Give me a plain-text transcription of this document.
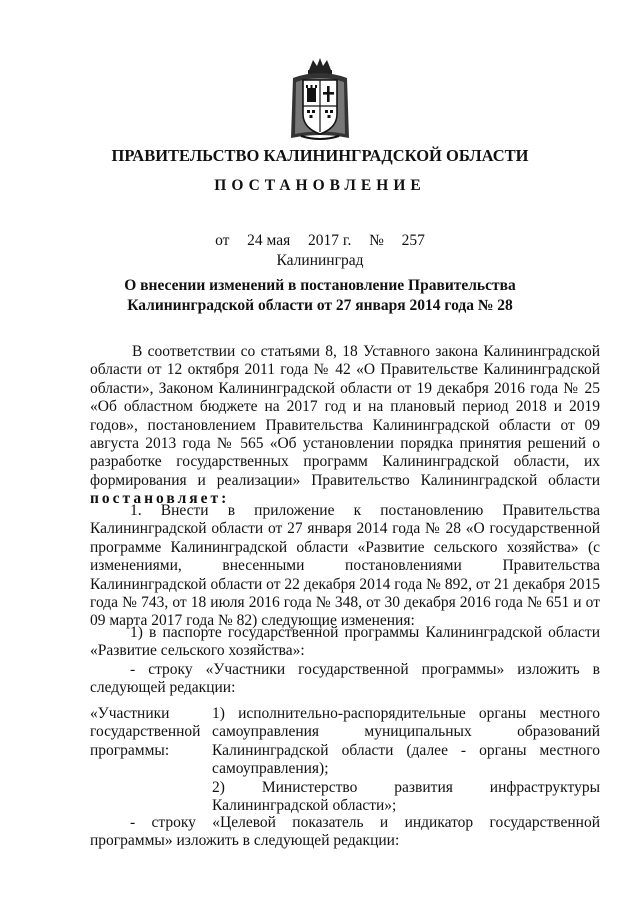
ПРАВИТЕЛЬСТВО КАЛИНИНГРАДСКОЙ ОБЛАСТИ
ПОСТАНОВЛЕНИЕ
от 24 мая 2017 г. № 257
Калининград
О внесении изменений в постановление Правительства
Калининградской области от 27 января 2014 года № 28
В соответствии со статьями 8, 18 Уставного закона Калининградской области от 12 октября 2011 года № 42 «О Правительстве Калининградской области», Законом Калининградской области от 19 декабря 2016 года № 25 «Об областном бюджете на 2017 год и на плановый период 2018 и 2019 годов», постановлением Правительства Калининградской области от 09 августа 2013 года № 565 «Об установлении порядка принятия решений о разработке государственных программ Калининградской области, их формирования и реализации» Правительство Калининградской области постановляет:
1. Внести в приложение к постановлению Правительства Калининградской области от 27 января 2014 года № 28 «О государственной программе Калининградской области «Развитие сельского хозяйства» (с изменениями, внесенными постановлениями Правительства Калининградской области от 22 декабря 2014 года № 892, от 21 декабря 2015 года № 743, от 18 июля 2016 года № 348, от 30 декабря 2016 года № 651 и от 09 марта 2017 года № 82) следующие изменения:
1) в паспорте государственной программы Калининградской области «Развитие сельского хозяйства»:
- строку «Участники государственной программы» изложить в следующей редакции:
«Участники государственной программы:
1) исполнительно-распорядительные органы местного самоуправления муниципальных образований Калининградской области (далее - органы местного самоуправления);
2) Министерство развития инфраструктуры Калининградской области»;
- строку «Целевой показатель и индикатор государственной программы» изложить в следующей редакции:
